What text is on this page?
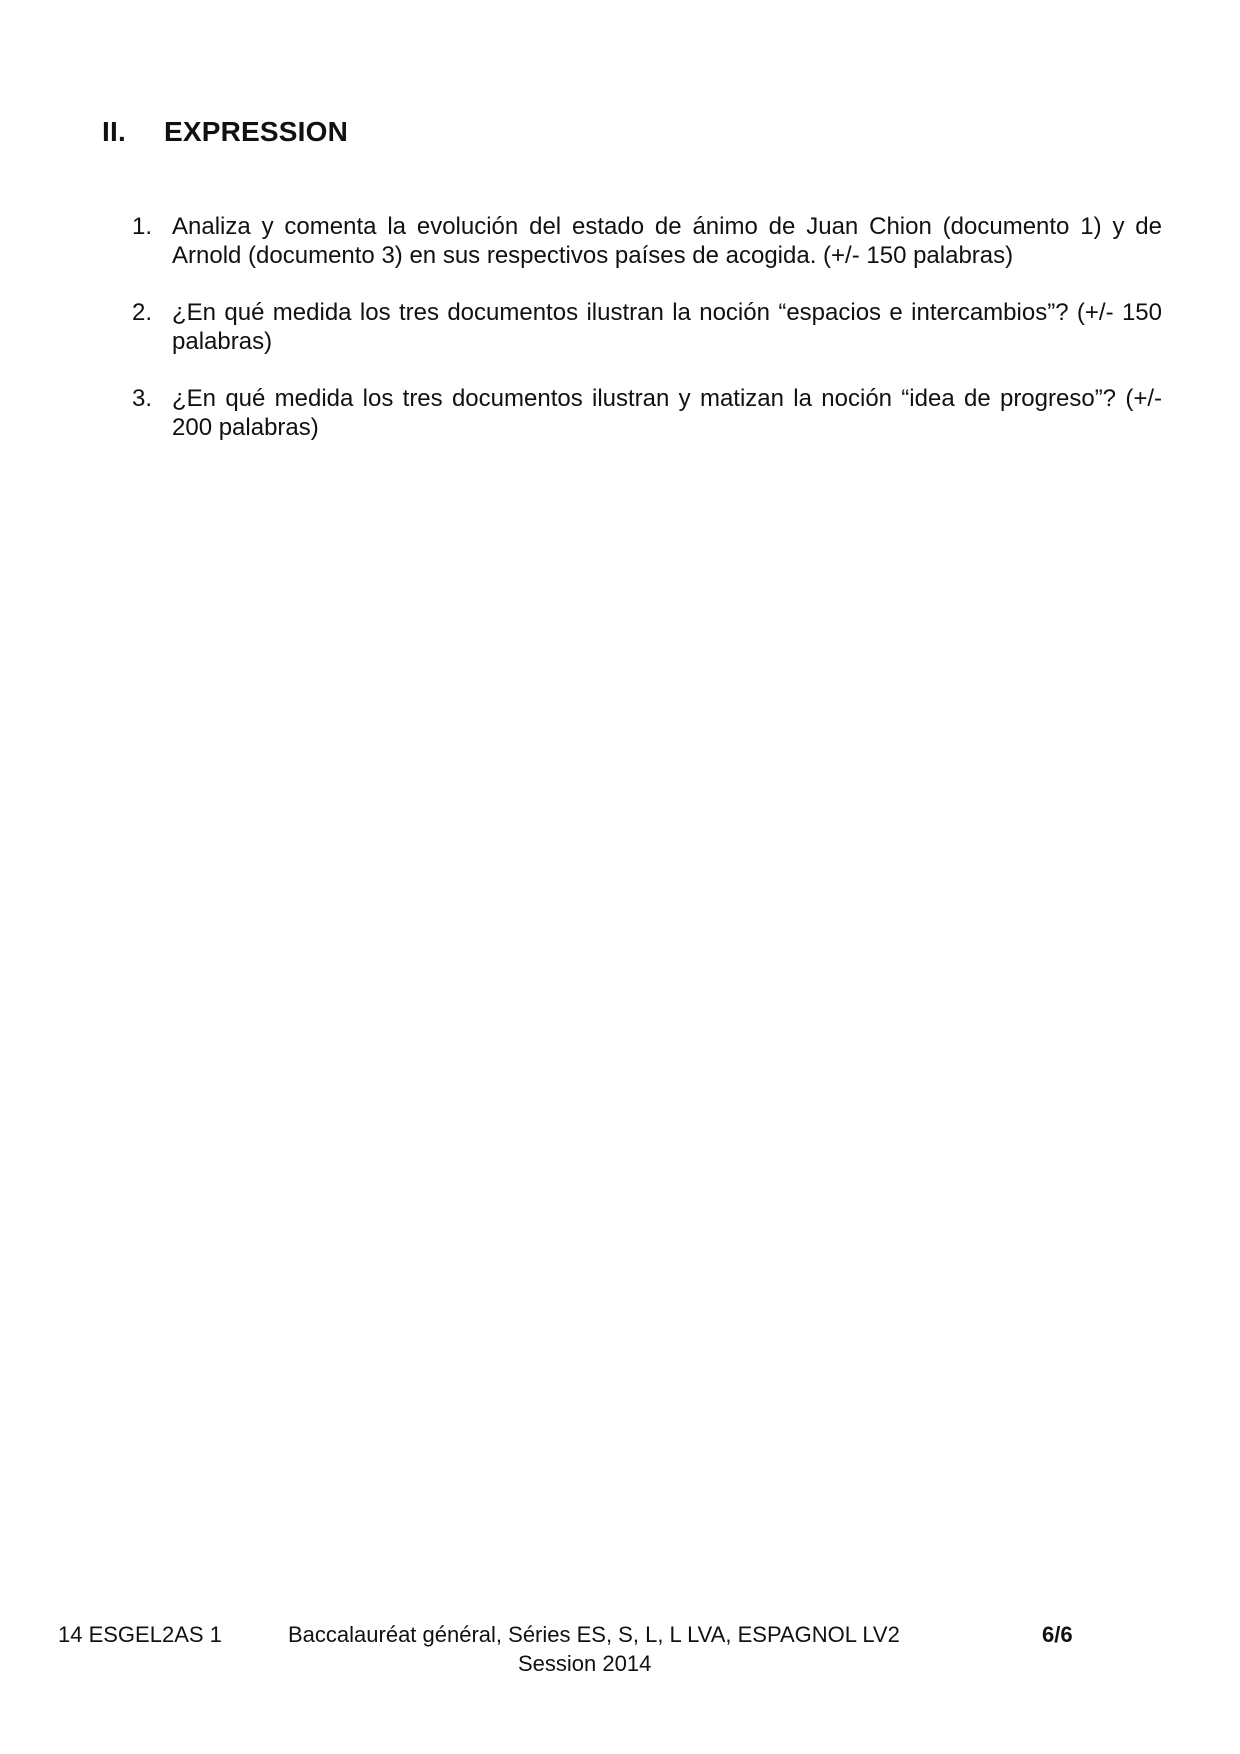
II.	EXPRESSION
1. Analiza y comenta la evolución del estado de ánimo de Juan Chion (documento 1) y de Arnold (documento 3) en sus respectivos países de acogida. (+/- 150 palabras)
2. ¿En qué medida los tres documentos ilustran la noción “espacios e intercambios”? (+/- 150 palabras)
3. ¿En qué medida los tres documentos ilustran y matizan la noción “idea de progreso”? (+/- 200 palabras)
14 ESGEL2AS 1	Baccalauréat général, Séries ES, S, L, L LVA, ESPAGNOL LV2	6/6
Session 2014
